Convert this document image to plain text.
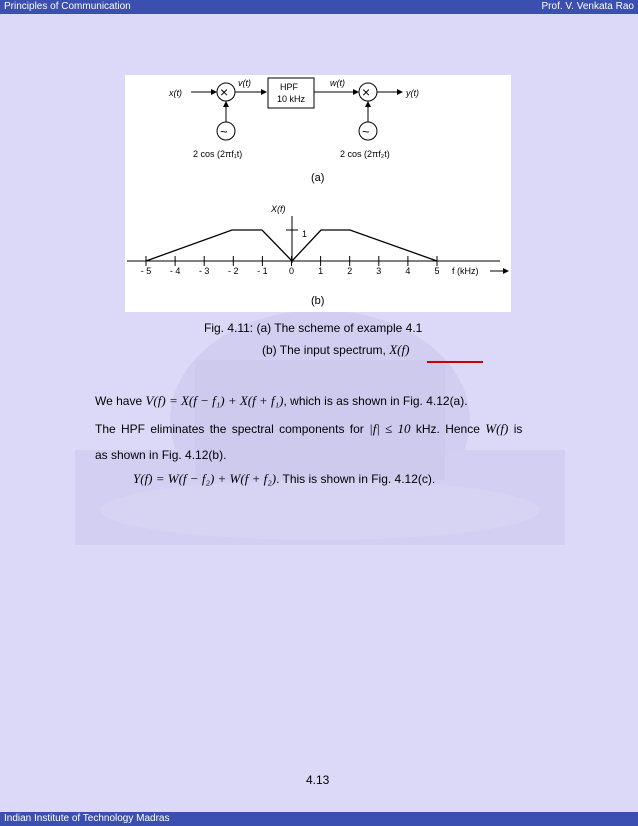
Principles of Communication	Prof. V. Venkata Rao
x(t)	×
v(t)	HPF
10 kHz
w(t)
×	y(t)
~
2 cos (2πf₁t)
~
2 cos (2πf₂t)
(a)
X(f)
1
- 5 - 4 - 3 - 2 - 1 0	1	2	3	4	5 f (kHz)
(b)
Fig. 4.11: (a) The scheme of example 4.1
(b) The input spectrum, X(f)
We have V(f) = X(f − f₁) + X(f + f₁), which is as shown in Fig. 4.12(a).
The HPF eliminates the spectral components for |f| ≤ 10 kHz. Hence W(f) is
as shown in Fig. 4.12(b).
Y(f) = W(f − f₂) + W(f + f₂). This is shown in Fig. 4.12(c).
4.13
Indian Institute of Technology Madras
